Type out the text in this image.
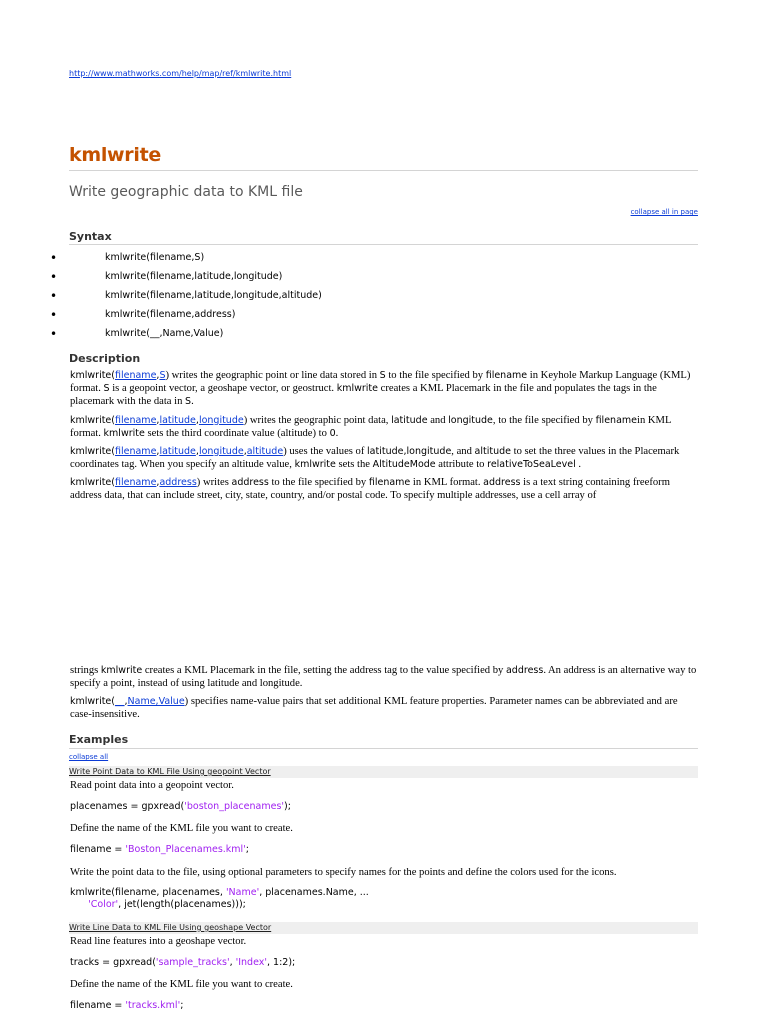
http://www.mathworks.com/help/map/ref/kmlwrite.html
kmlwrite
Write geographic data to KML file
collapse all in page
Syntax
•	kmlwrite(filename,S)
•	kmlwrite(filename,latitude,longitude)
•	kmlwrite(filename,latitude,longitude,altitude)
•	kmlwrite(filename,address)
•	kmlwrite(__,Name,Value)
Description
kmlwrite(filename,S) writes the geographic point or line data stored in S to the file specified by filename in Keyhole Markup Language (KML) format. S is a geopoint vector, a geoshape vector, or geostruct. kmlwrite creates a KML Placemark in the file and populates the tags in the placemark with the data in S.
kmlwrite(filename,latitude,longitude) writes the geographic point data, latitude and longitude, to the file specified by filenamein KML format. kmlwrite sets the third coordinate value (altitude) to 0.
kmlwrite(filename,latitude,longitude,altitude) uses the values of latitude,longitude, and altitude to set the three values in the Placemark coordinates tag. When you specify an altitude value, kmlwrite sets the AltitudeMode attribute to relativeToSeaLevel .
kmlwrite(filename,address) writes address to the file specified by filename in KML format. address is a text string containing freeform address data, that can include street, city, state, country, and/or postal code. To specify multiple addresses, use a cell array of
strings kmlwrite creates a KML Placemark in the file, setting the address tag to the value specified by address. An address is an alternative way to specify a point, instead of using latitude and longitude.
kmlwrite(__,Name,Value) specifies name-value pairs that set additional KML feature properties. Parameter names can be abbreviated and are case-insensitive.
Examples
collapse all
Write Point Data to KML File Using geopoint Vector
Read point data into a geopoint vector.
placenames = gpxread('boston_placenames');
Define the name of the KML file you want to create.
filename = 'Boston_Placenames.kml';
Write the point data to the file, using optional parameters to specify names for the points and define the colors used for the icons.
kmlwrite(filename, placenames, 'Name', placenames.Name, ...
'Color', jet(length(placenames)));
Write Line Data to KML File Using geoshape Vector
Read line features into a geoshape vector.
tracks = gpxread('sample_tracks', 'Index', 1:2);
Define the name of the KML file you want to create.
filename = 'tracks.kml';
